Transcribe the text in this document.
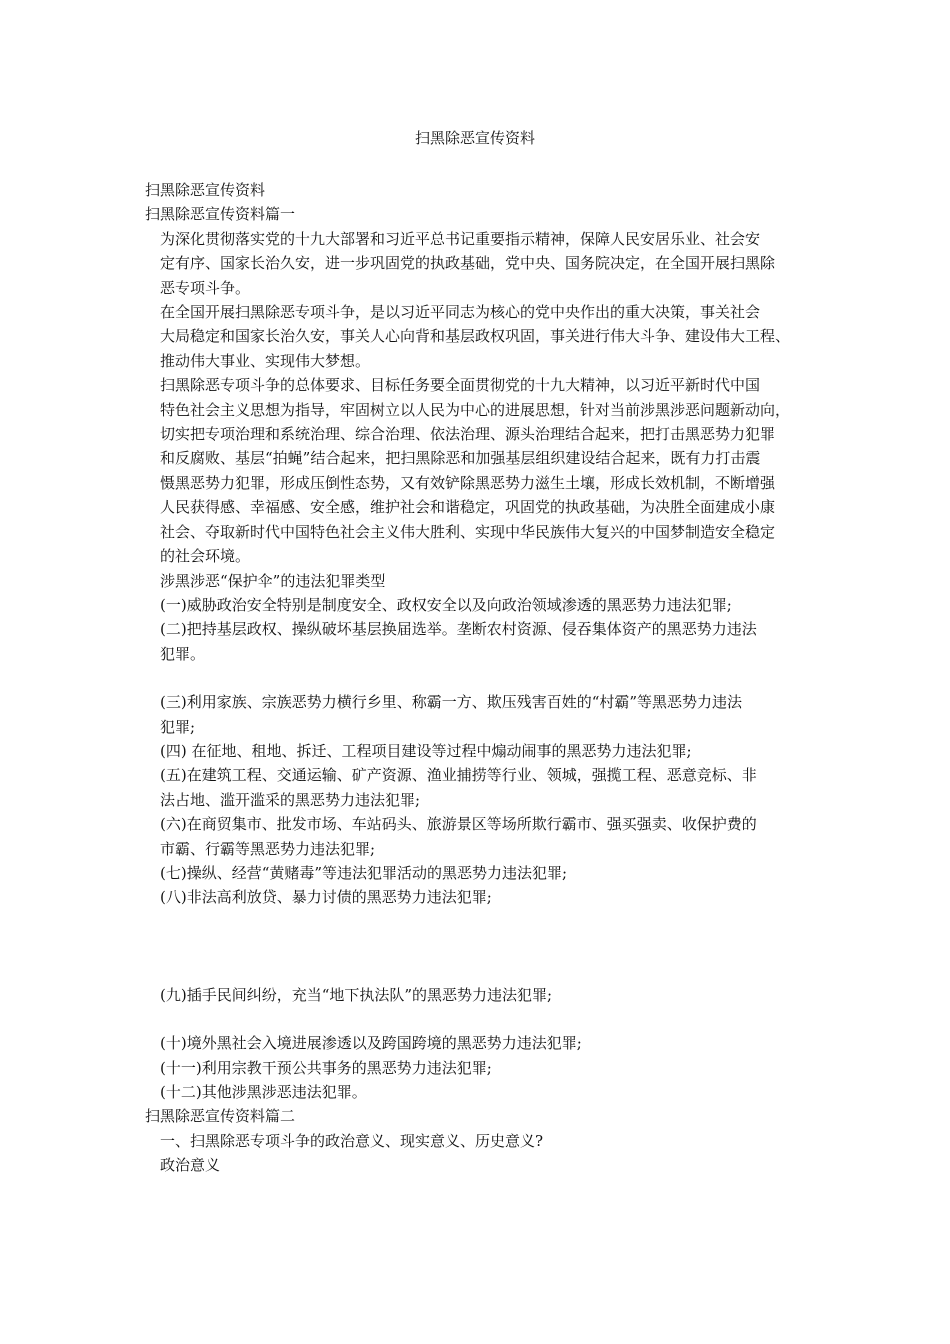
扫黑除恶宣传资料

扫黑除恶宣传资料

扫黑除恶宣传资料篇一

为深化贯彻落实党的十九大部署和习近平总书记重要指示精神，保障人民安居乐业、社会安
定有序、国家长治久安，进一步巩固党的执政基础，党中央、国务院决定，在全国开展扫黑除
恶专项斗争。

在全国开展扫黑除恶专项斗争，是以习近平同志为核心的党中央作出的重大决策，事关社会
大局稳定和国家长治久安，事关人心向背和基层政权巩固，事关进行伟大斗争、建设伟大工程、
推动伟大事业、实现伟大梦想。

扫黑除恶专项斗争的总体要求、目标任务要全面贯彻党的十九大精神，以习近平新时代中国
特色社会主义思想为指导，牢固树立以人民为中心的进展思想，针对当前涉黑涉恶问题新动向，
切实把专项治理和系统治理、综合治理、依法治理、源头治理结合起来，把打击黑恶势力犯罪
和反腐败、基层“拍蝇”结合起来，把扫黑除恶和加强基层组织建设结合起来，既有力打击震
慑黑恶势力犯罪，形成压倒性态势，又有效铲除黑恶势力滋生土壤，形成长效机制，不断增强
人民获得感、幸福感、安全感，维护社会和谐稳定，巩固党的执政基础，为决胜全面建成小康
社会、夺取新时代中国特色社会主义伟大胜利、实现中华民族伟大复兴的中国梦制造安全稳定
的社会环境。

涉黑涉恶“保护伞”的违法犯罪类型

(一)威胁政治安全特别是制度安全、政权安全以及向政治领域渗透的黑恶势力违法犯罪;

(二)把持基层政权、操纵破坏基层换届选举。垄断农村资源、侵吞集体资产的黑恶势力违法
犯罪。

(三)利用家族、宗族恶势力横行乡里、称霸一方、欺压残害百姓的“村霸”等黑恶势力违法
犯罪;

(四) 在征地、租地、拆迁、工程项目建设等过程中煽动闹事的黑恶势力违法犯罪;

(五)在建筑工程、交通运输、矿产资源、渔业捕捞等行业、领城，强揽工程、恶意竞标、非
法占地、滥开滥采的黑恶势力违法犯罪;

(六)在商贸集市、批发市场、车站码头、旅游景区等场所欺行霸市、强买强卖、收保护费的
市霸、行霸等黑恶势力违法犯罪;

(七)操纵、经营“黄赌毒”等违法犯罪活动的黑恶势力违法犯罪;

(八)非法高利放贷、暴力讨债的黑恶势力违法犯罪;

(九)插手民间纠纷，充当“地下执法队”的黑恶势力违法犯罪;

(十)境外黑社会入境进展渗透以及跨国跨境的黑恶势力违法犯罪;

(十一)利用宗教干预公共事务的黑恶势力违法犯罪;

(十二)其他涉黑涉恶违法犯罪。

扫黑除恶宣传资料篇二

一、扫黑除恶专项斗争的政治意义、现实意义、历史意义?

政治意义
